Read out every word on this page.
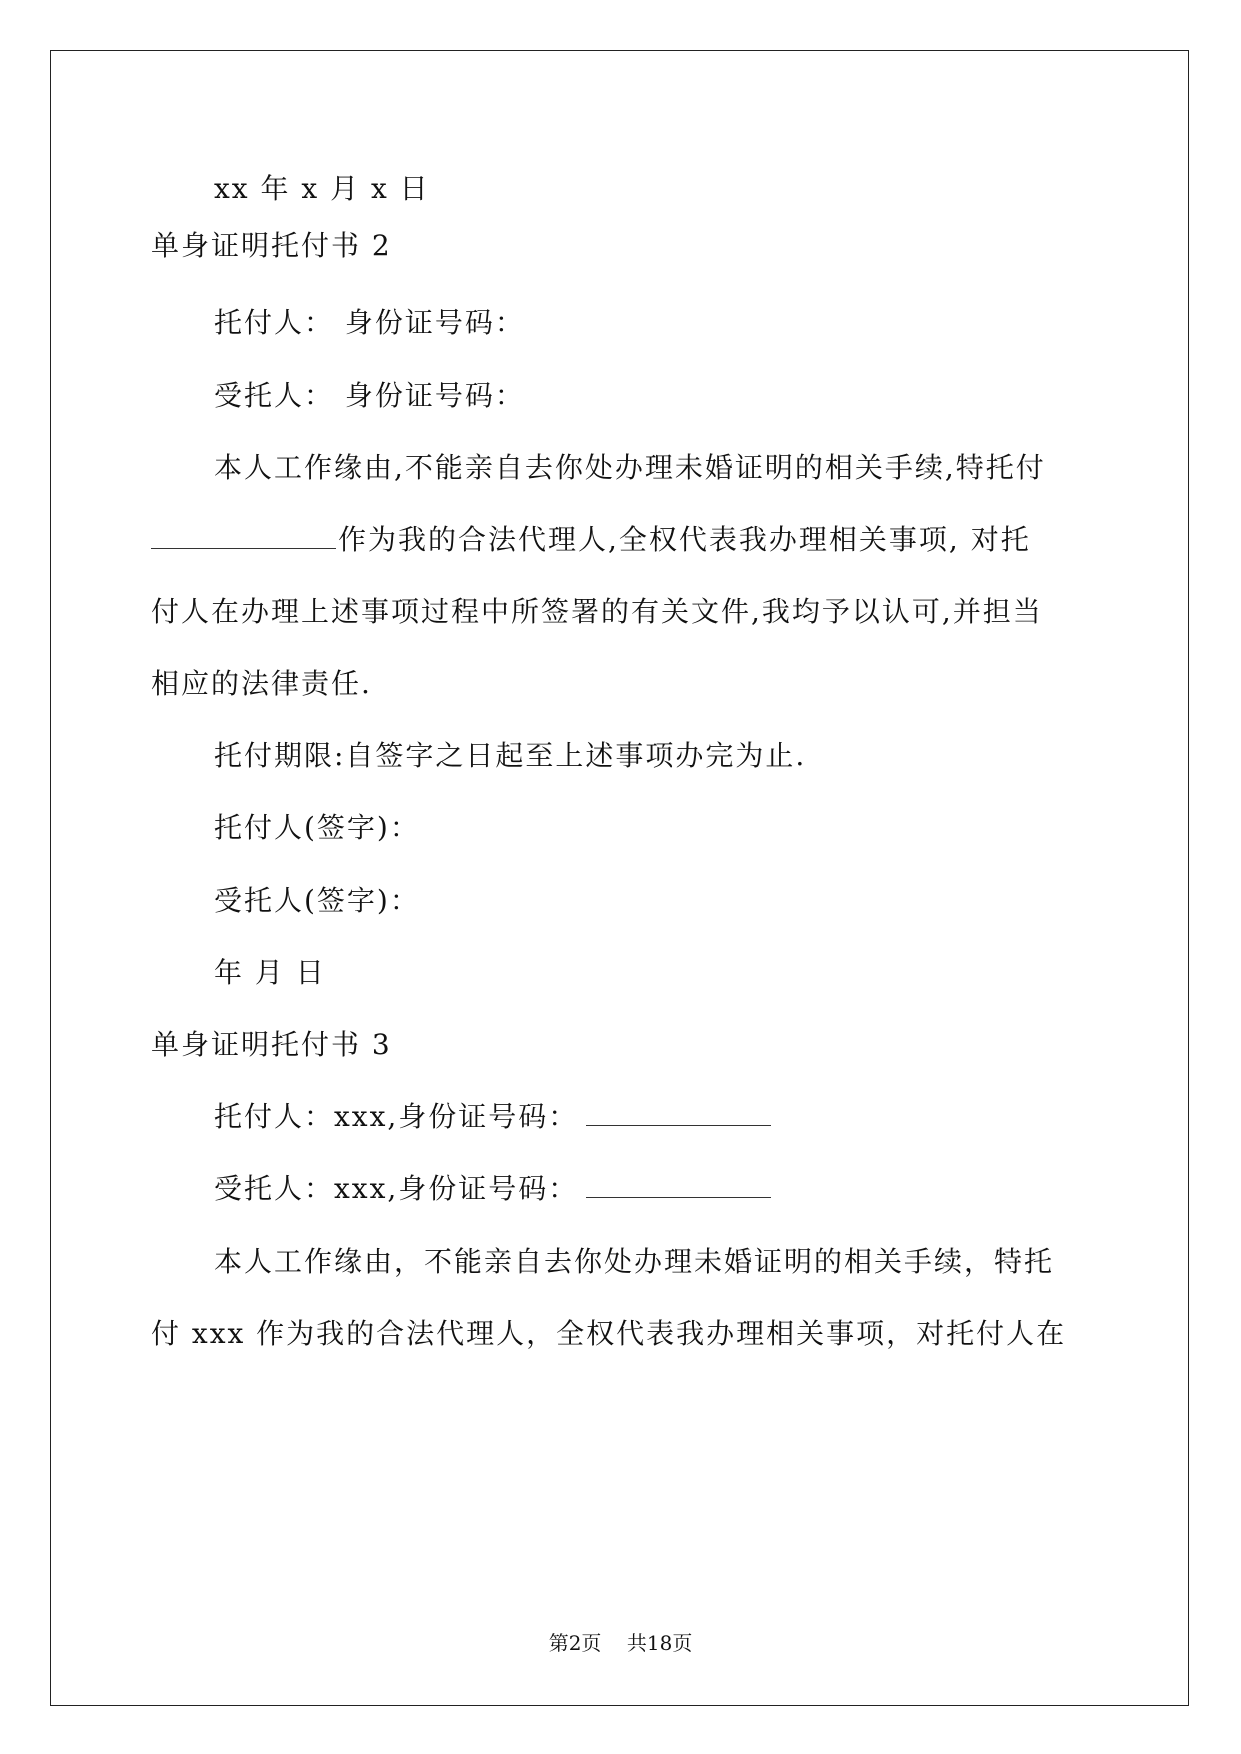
xx 年 x 月 x 日
单身证明托付书 2
托付人： 身份证号码：
受托人： 身份证号码：
本人工作缘由,不能亲自去你处办理未婚证明的相关手续,特托付
作为我的合法代理人,全权代表我办理相关事项, 对托
付人在办理上述事项过程中所签署的有关文件,我均予以认可,并担当
相应的法律责任.
托付期限:自签字之日起至上述事项办完为止.
托付人(签字)：
受托人(签字)：
年 月 日
单身证明托付书 3
托付人：xxx,身份证号码：
受托人：xxx,身份证号码：
本人工作缘由，不能亲自去你处办理未婚证明的相关手续，特托
付 xxx 作为我的合法代理人，全权代表我办理相关事项，对托付人在
第2页 共18页
